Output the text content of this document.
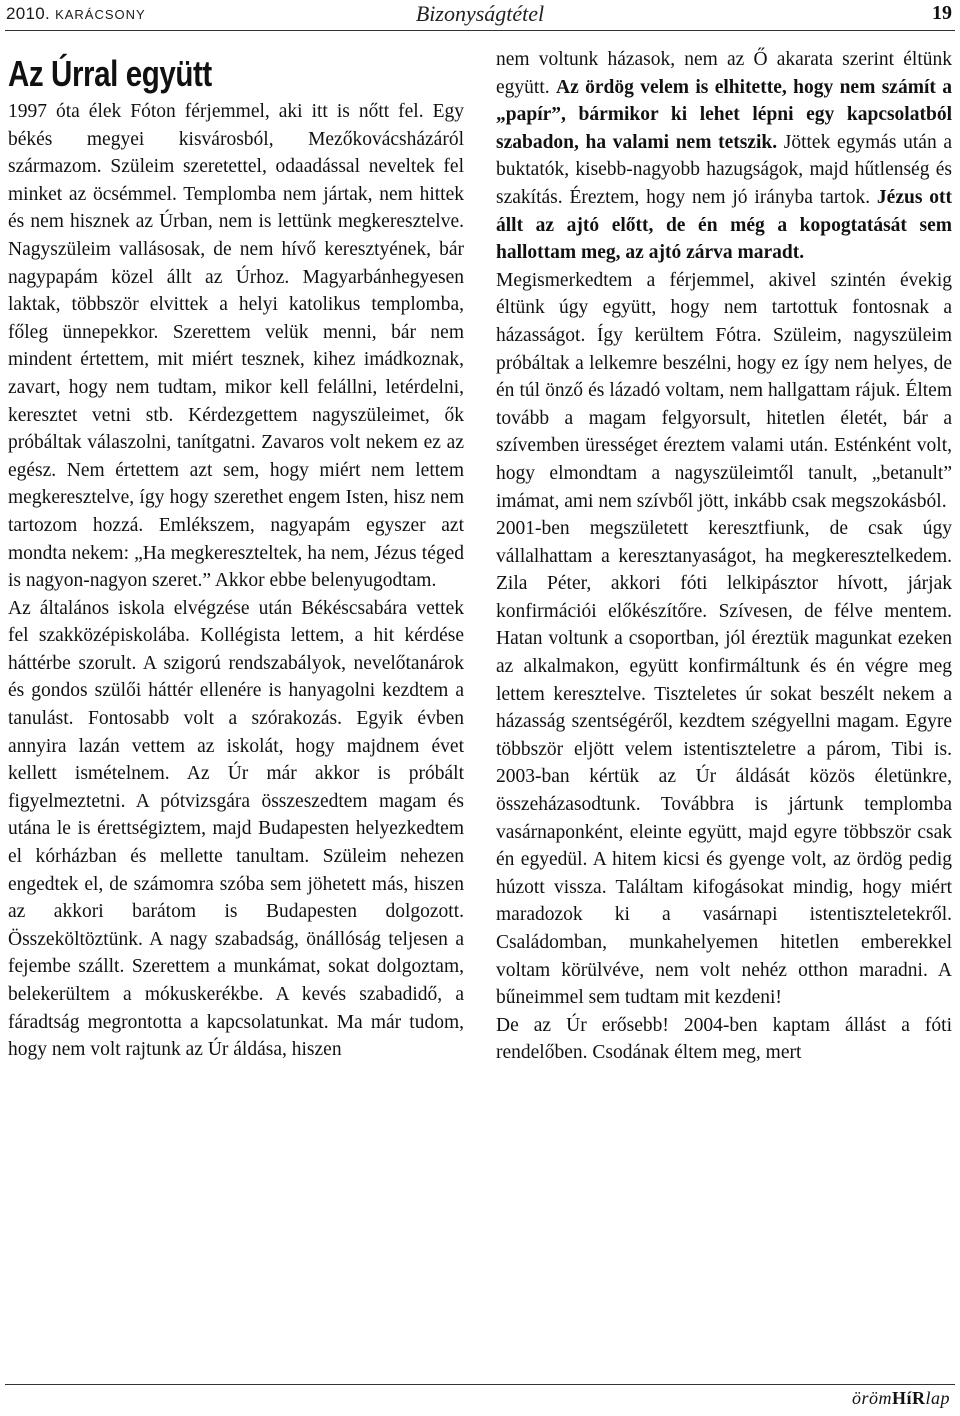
2010. KARÁCSONY	Bizonyságtétel	19
Az Úrral együtt

1997 óta élek Fóton férjemmel, aki itt is nőtt fel. Egy békés megyei kisvárosból, Mezőkovácsházáról származom. Szüleim szeretettel, odaadással neveltek fel minket az öcsémmel. Templomba nem jártak, nem hittek és nem hisznek az Úrban, nem is lettünk megkeresztelve. Nagyszüleim vallásosak, de nem hívő keresztyének, bár nagypapám közel állt az Úrhoz. Magyarbánhegyesen laktak, többször elvittek a helyi katolikus templomba, főleg ünnepekkor. Szerettem velük menni, bár nem mindent értettem, mit miért tesznek, kihez imádkoznak, zavart, hogy nem tudtam, mikor kell felállni, letérdelni, keresztet vetni stb. Kérdezgettem nagyszüleimet, ők próbáltak válaszolni, tanítgatni. Zavaros volt nekem ez az egész. Nem értettem azt sem, hogy miért nem lettem megkeresztelve, így hogy szerethet engem Isten, hisz nem tartozom hozzá. Emlékszem, nagyapám egyszer azt mondta nekem: „Ha megkereszteltek, ha nem, Jézus téged is nagyon-nagyon szeret.” Akkor ebbe belenyugodtam.

Az általános iskola elvégzése után Békéscsabára vettek fel szakközépiskolába. Kollégista lettem, a hit kérdése háttérbe szorult. A szigorú rendszabályok, nevelőtanárok és gondos szülői háttér ellenére is hanyagolni kezdtem a tanulást. Fontosabb volt a szórakozás. Egyik évben annyira lazán vettem az iskolát, hogy majdnem évet kellett ismételnem. Az Úr már akkor is próbált figyelmeztetni. A pótvizsgára összeszedtem magam és utána le is érettségiztem, majd Budapesten helyezkedtem el kórházban és mellette tanultam. Szüleim nehezen engedtek el, de számomra szóba sem jöhetett más, hiszen az akkori barátom is Budapesten dolgozott. Összeköltöztünk. A nagy szabadság, önállóság teljesen a fejembe szállt. Szerettem a munkámat, sokat dolgoztam, belekerültem a mókuskerékbe. A kevés szabadidő, a fáradtság megrontotta a kapcsolatunkat. Ma már tudom, hogy nem volt rajtunk az Úr áldása, hiszen

nem voltunk házasok, nem az Ő akarata szerint éltünk együtt. Az ördög velem is elhitette, hogy nem számít a „papír”, bármikor ki lehet lépni egy kapcsolatból szabadon, ha valami nem tetszik. Jöttek egymás után a buktatók, kisebb-nagyobb hazugságok, majd hűtlenség és szakítás. Éreztem, hogy nem jó irányba tartok. Jézus ott állt az ajtó előtt, de én még a kopogtatását sem hallottam meg, az ajtó zárva maradt.

Megismerkedtem a férjemmel, akivel szintén évekig éltünk úgy együtt, hogy nem tartottuk fontosnak a házasságot. Így kerültem Fótra. Szüleim, nagyszüleim próbáltak a lelkemre beszélni, hogy ez így nem helyes, de én túl önző és lázadó voltam, nem hallgattam rájuk. Éltem tovább a magam felgyorsult, hitetlen életét, bár a szívemben ürességet éreztem valami után. Esténként volt, hogy elmondtam a nagyszüleimtől tanult, „betanult” imámat, ami nem szívből jött, inkább csak megszokásból.

2001-ben megszületett keresztfiunk, de csak úgy vállalhattam a keresztanyaságot, ha megkeresztelkedem. Zila Péter, akkori fóti lelkipásztor hívott, járjak konfirmációi előkészítőre. Szívesen, de félve mentem. Hatan voltunk a csoportban, jól éreztük magunkat ezeken az alkalmakon, együtt konfirmáltunk és én végre meg lettem keresztelve. Tiszteletes úr sokat beszélt nekem a házasság szentségéről, kezdtem szégyellni magam. Egyre többször eljött velem istentiszteletre a párom, Tibi is. 2003-ban kértük az Úr áldását közös életünkre, összeházasodtunk. Továbbra is jártunk templomba vasárnaponként, eleinte együtt, majd egyre többször csak én egyedül. A hitem kicsi és gyenge volt, az ördög pedig húzott vissza. Találtam kifogásokat mindig, hogy miért maradozok ki a vasárnapi istentiszteletekről. Családomban, munkahelyemen hitetlen emberekkel voltam körülvéve, nem volt nehéz otthon maradni. A bűneimmel sem tudtam mit kezdeni!

De az Úr erősebb! 2004-ben kaptam állást a fóti rendelőben. Csodának éltem meg, mert

örömHíRlap
